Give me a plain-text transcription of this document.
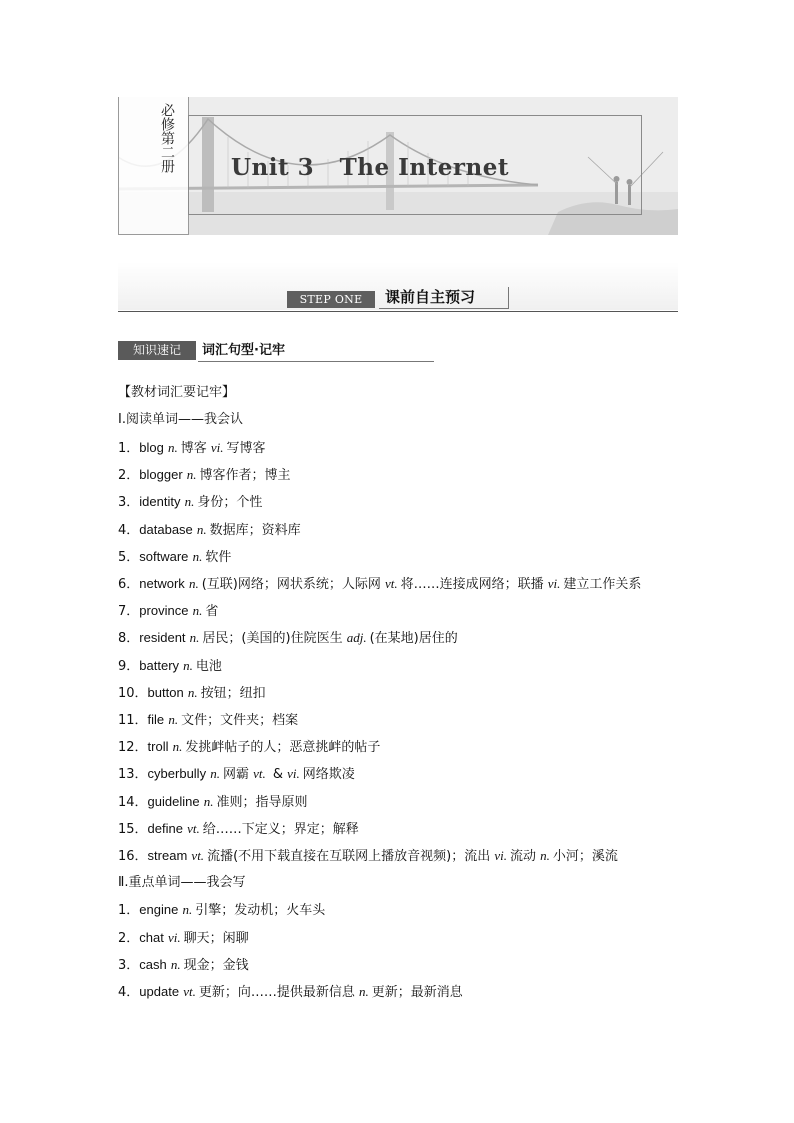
必修第二册 Unit 3   The Internet
STEP ONE	课前自主预习
知识速记	词汇句型·记牢
【教材词汇要记牢】
Ⅰ.阅读单词——我会认
1．blog n. 博客 vi. 写博客
2．blogger n. 博客作者；博主
3．identity n. 身份；个性
4．database n. 数据库；资料库
5．software n. 软件
6．network n. (互联)网络；网状系统；人际网 vt. 将……连接成网络；联播 vi. 建立工作关系
7．province n. 省
8．resident n. 居民；(美国的)住院医生 adj. (在某地)居住的
9．battery n. 电池
10．button n. 按钮；纽扣
11．file n. 文件；文件夹；档案
12．troll n. 发挑衅帖子的人；恶意挑衅的帖子
13．cyberbully n. 网霸 vt. & vi. 网络欺凌
14．guideline n. 准则；指导原则
15．define vt. 给……下定义；界定；解释
16．stream vt. 流播(不用下载直接在互联网上播放音视频)；流出 vi. 流动 n. 小河；溪流
Ⅱ.重点单词——我会写
1．engine n. 引擎；发动机；火车头
2．chat vi. 聊天；闲聊
3．cash n. 现金；金钱
4．update vt. 更新；向……提供最新信息 n. 更新；最新消息
